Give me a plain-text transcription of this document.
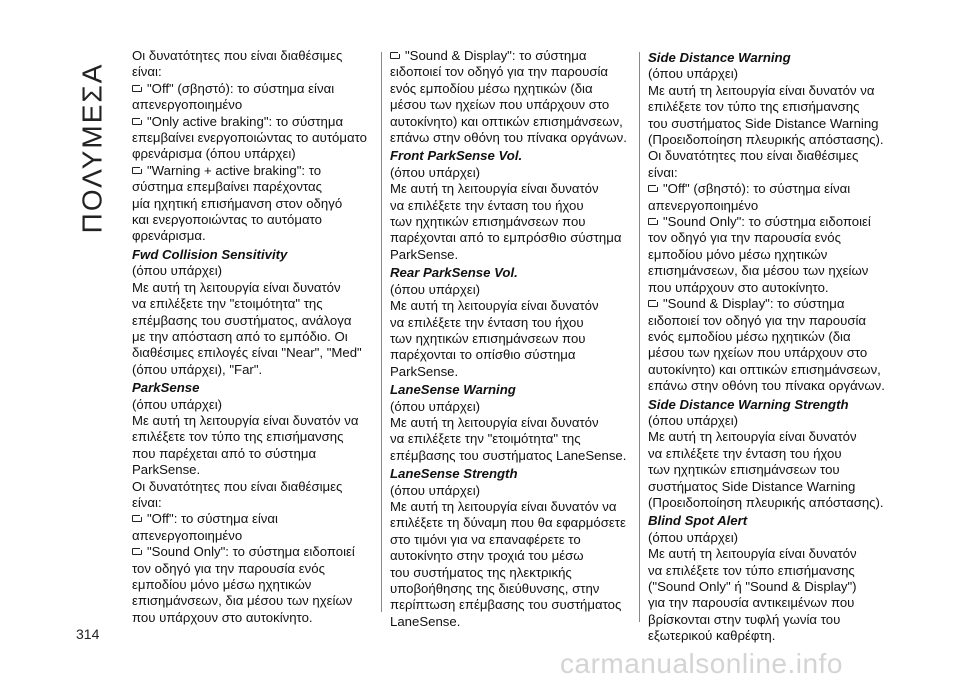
ΠΟΛΥΜΕΣΑ

Οι δυνατότητες που είναι διαθέσιμες

είναι:

"Off" (σβηστό): το σύστημα είναι

απενεργοποιημένο

"Only active braking": το σύστημα

επεμβαίνει ενεργοποιώντας το αυτόματο

φρενάρισμα (όπου υπάρχει)

"Warning + active braking": το

σύστημα επεμβαίνει παρέχοντας

μία ηχητική επισήμανση στον οδηγό

και ενεργοποιώντας το αυτόματο

φρενάρισμα.

Fwd Collision Sensitivity

(όπου υπάρχει)

Με αυτή τη λειτουργία είναι δυνατόν

να επιλέξετε την "ετοιμότητα" της

επέμβασης του συστήματος, ανάλογα

με την απόσταση από το εμπόδιο. Οι

διαθέσιμες επιλογές είναι "Near", "Med"

(όπου υπάρχει), "Far".

ParkSense

(όπου υπάρχει)

Με αυτή τη λειτουργία είναι δυνατόν να

επιλέξετε τον τύπο της επισήμανσης

που παρέχεται από το σύστημα

ParkSense.

Οι δυνατότητες που είναι διαθέσιμες

είναι:

"Off": το σύστημα είναι

απενεργοποιημένο

"Sound Only": το σύστημα ειδοποιεί

τον οδηγό για την παρουσία ενός

εμποδίου μόνο μέσω ηχητικών

επισημάνσεων, δια μέσου των ηχείων

που υπάρχουν στο αυτοκίνητο.

"Sound & Display": το σύστημα

ειδοποιεί τον οδηγό για την παρουσία

ενός εμποδίου μέσω ηχητικών (δια

μέσου των ηχείων που υπάρχουν στο

αυτοκίνητο) και οπτικών επισημάνσεων,

επάνω στην οθόνη του πίνακα οργάνων.

Front ParkSense Vol.

(όπου υπάρχει)

Με αυτή τη λειτουργία είναι δυνατόν

να επιλέξετε την ένταση του ήχου

των ηχητικών επισημάνσεων που

παρέχονται από το εμπρόσθιο σύστημα

ParkSense.

Rear ParkSense Vol.

(όπου υπάρχει)

Με αυτή τη λειτουργία είναι δυνατόν

να επιλέξετε την ένταση του ήχου

των ηχητικών επισημάνσεων που

παρέχονται το οπίσθιο σύστημα

ParkSense.

LaneSense Warning

(όπου υπάρχει)

Με αυτή τη λειτουργία είναι δυνατόν

να επιλέξετε την "ετοιμότητα" της

επέμβασης του συστήματος LaneSense.

LaneSense Strength

(όπου υπάρχει)

Με αυτή τη λειτουργία είναι δυνατόν να

επιλέξετε τη δύναμη που θα εφαρμόσετε

στο τιμόνι για να επαναφέρετε το

αυτοκίνητο στην τροχιά του μέσω

του συστήματος της ηλεκτρικής

υποβοήθησης της διεύθυνσης, στην

περίπτωση επέμβασης του συστήματος

LaneSense.

Side Distance Warning

(όπου υπάρχει)

Με αυτή τη λειτουργία είναι δυνατόν να

επιλέξετε τον τύπο της επισήμανσης

του συστήματος Side Distance Warning

(Προειδοποίηση πλευρικής απόστασης).

Οι δυνατότητες που είναι διαθέσιμες

είναι:

"Off" (σβηστό): το σύστημα είναι

απενεργοποιημένο

"Sound Only": το σύστημα ειδοποιεί

τον οδηγό για την παρουσία ενός

εμποδίου μόνο μέσω ηχητικών

επισημάνσεων, δια μέσου των ηχείων

που υπάρχουν στο αυτοκίνητο.

"Sound & Display": το σύστημα

ειδοποιεί τον οδηγό για την παρουσία

ενός εμποδίου μέσω ηχητικών (δια

μέσου των ηχείων που υπάρχουν στο

αυτοκίνητο) και οπτικών επισημάνσεων,

επάνω στην οθόνη του πίνακα οργάνων.

Side Distance Warning Strength

(όπου υπάρχει)

Με αυτή τη λειτουργία είναι δυνατόν

να επιλέξετε την ένταση του ήχου

των ηχητικών επισημάνσεων του

συστήματος Side Distance Warning

(Προειδοποίηση πλευρικής απόστασης).

Blind Spot Alert

(όπου υπάρχει)

Με αυτή τη λειτουργία είναι δυνατόν

να επιλέξετε τον τύπο επισήμανσης

("Sound Only" ή "Sound & Display")

για την παρουσία αντικειμένων που

βρίσκονται στην τυφλή γωνία του

εξωτερικού καθρέφτη.

314
carmanualsonline.info
